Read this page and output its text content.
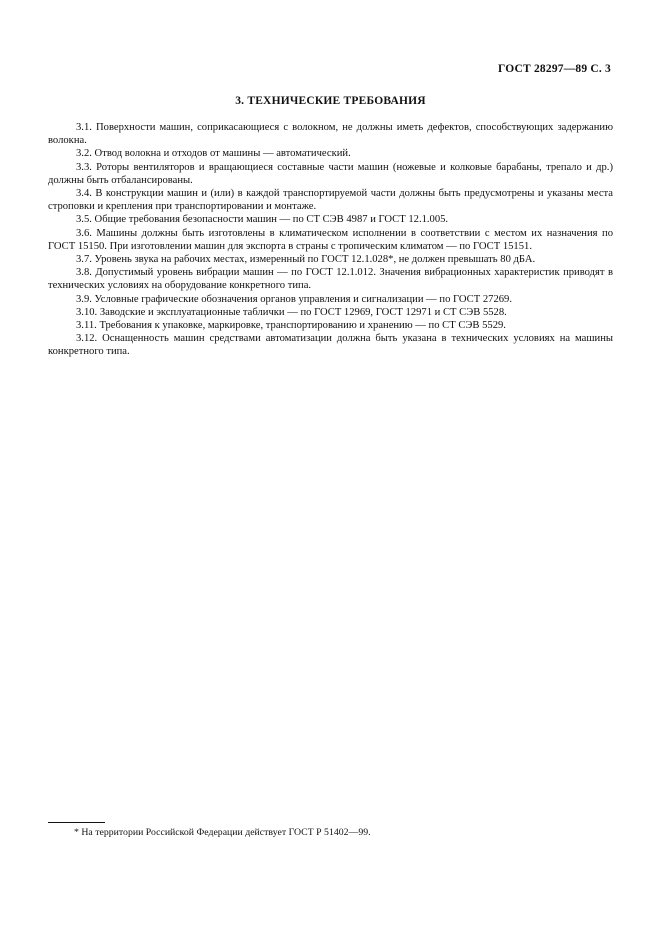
ГОСТ 28297—89 С. 3
3. ТЕХНИЧЕСКИЕ ТРЕБОВАНИЯ

3.1. Поверхности машин, соприкасающиеся с волокном, не должны иметь дефектов, способствующих задержанию волокна.

3.2. Отвод волокна и отходов от машины — автоматический.

3.3. Роторы вентиляторов и вращающиеся составные части машин (ножевые и колковые барабаны, трепало и др.) должны быть отбалансированы.

3.4. В конструкции машин и (или) в каждой транспортируемой части должны быть предусмотрены и указаны места строповки и крепления при транспортировании и монтаже.

3.5. Общие требования безопасности машин — по СТ СЭВ 4987 и ГОСТ 12.1.005.

3.6. Машины должны быть изготовлены в климатическом исполнении в соответствии с местом их назначения по ГОСТ 15150. При изготовлении машин для экспорта в страны с тропическим климатом — по ГОСТ 15151.

3.7. Уровень звука на рабочих местах, измеренный по ГОСТ 12.1.028*, не должен превышать 80 дБА.

3.8. Допустимый уровень вибрации машин — по ГОСТ 12.1.012. Значения вибрационных характеристик приводят в технических условиях на оборудование конкретного типа.

3.9. Условные графические обозначения органов управления и сигнализации — по ГОСТ 27269.

3.10. Заводские и эксплуатационные таблички — по ГОСТ 12969, ГОСТ 12971 и СТ СЭВ 5528.

3.11. Требования к упаковке, маркировке, транспортированию и хранению — по СТ СЭВ 5529.

3.12. Оснащенность машин средствами автоматизации должна быть указана в технических условиях на машины конкретного типа.

* На территории Российской Федерации действует ГОСТ Р 51402—99.
